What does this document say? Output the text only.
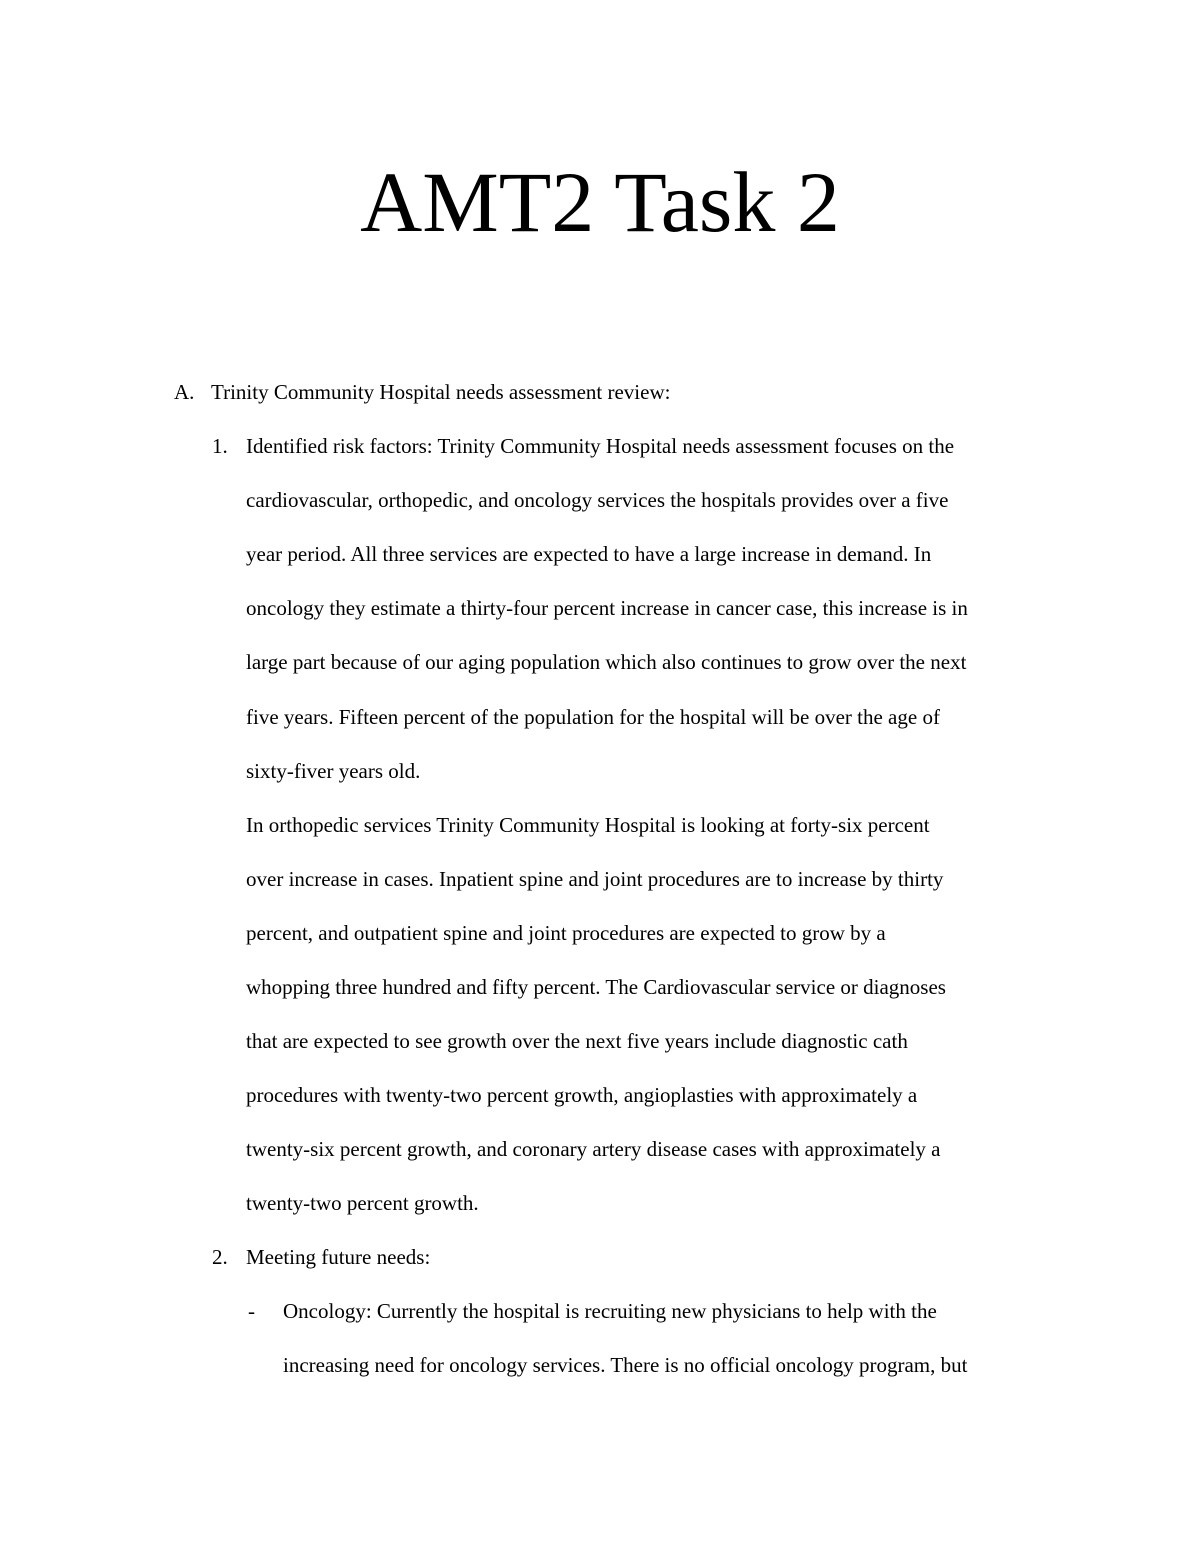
AMT2 Task 2
A. Trinity Community Hospital needs assessment review:
1. Identified risk factors: Trinity Community Hospital needs assessment focuses on the
cardiovascular, orthopedic, and oncology services the hospitals provides over a five
year period. All three services are expected to have a large increase in demand. In
oncology they estimate a thirty-four percent increase in cancer case, this increase is in
large part because of our aging population which also continues to grow over the next
five years. Fifteen percent of the population for the hospital will be over the age of
sixty-fiver years old.
In orthopedic services Trinity Community Hospital is looking at forty-six percent
over increase in cases. Inpatient spine and joint procedures are to increase by thirty
percent, and outpatient spine and joint procedures are expected to grow by a
whopping three hundred and fifty percent. The Cardiovascular service or diagnoses
that are expected to see growth over the next five years include diagnostic cath
procedures with twenty-two percent growth, angioplasties with approximately a
twenty-six percent growth, and coronary artery disease cases with approximately a
twenty-two percent growth.
2. Meeting future needs:
- Oncology: Currently the hospital is recruiting new physicians to help with the
increasing need for oncology services. There is no official oncology program, but
